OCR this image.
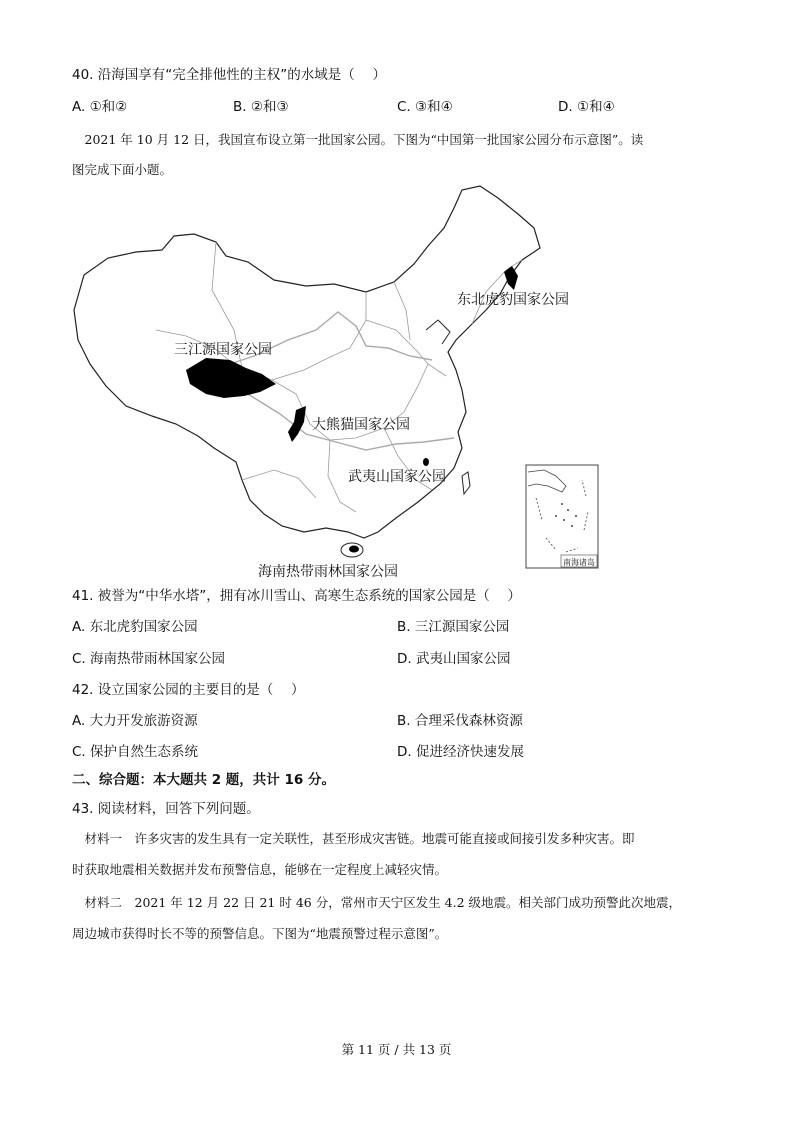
40. 沿海国享有“完全排他性的主权”的水域是（　 ）
A. ①和②	B. ②和③	C. ③和④	D. ①和④
　2021 年 10 月 12 日，我国宣布设立第一批国家公园。下图为“中国第一批国家公园分布示意图”。读
图完成下面小题。
东北虎豹国家公园
三江源国家公园
大熊猫国家公园
武夷山国家公园
海南热带雨林国家公园
南海诸岛
41. 被誉为“中华水塔”，拥有冰川雪山、高寒生态系统的国家公园是（　 ）
A. 东北虎豹国家公园	B. 三江源国家公园
C. 海南热带雨林国家公园	D. 武夷山国家公园
42. 设立国家公园的主要目的是（　 ）
A. 大力开发旅游资源	B. 合理采伐森林资源
C. 保护自然生态系统	D. 促进经济快速发展
二、综合题：本大题共 2 题，共计 16 分。
43. 阅读材料，回答下列问题。
　材料一　许多灾害的发生具有一定关联性，甚至形成灾害链。地震可能直接或间接引发多种灾害。即
时获取地震相关数据并发布预警信息，能够在一定程度上减轻灾情。
　材料二　2021 年 12 月 22 日 21 时 46 分，常州市天宁区发生 4.2 级地震。相关部门成功预警此次地震，
周边城市获得时长不等的预警信息。下图为“地震预警过程示意图”。
第 11 页 / 共 13 页
